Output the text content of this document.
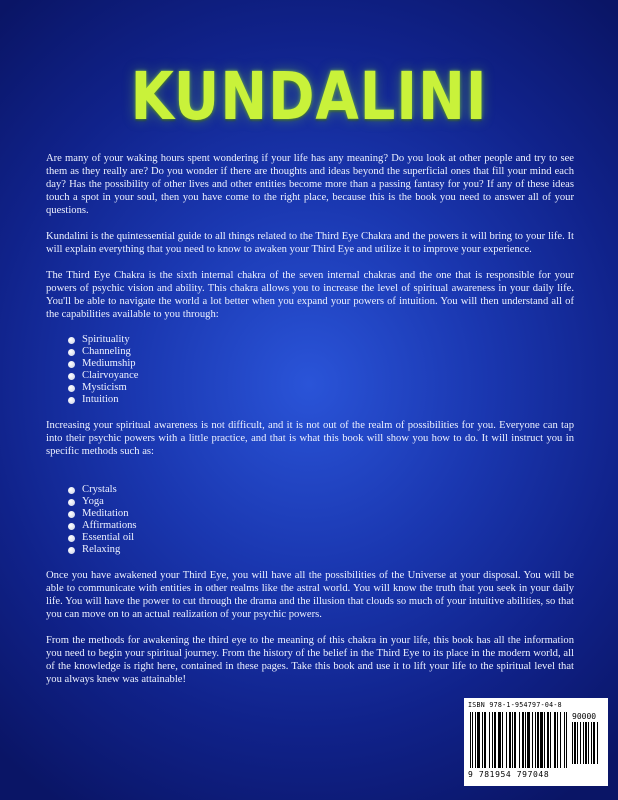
KUNDALINI

Are many of your waking hours spent wondering if your life has any meaning? Do you look at other people and try to see them as they really are? Do you wonder if there are thoughts and ideas beyond the superficial ones that fill your mind each day? Has the possibility of other lives and other entities become more than a passing fantasy for you? If any of these ideas touch a spot in your soul, then you have come to the right place, because this is the book you need to answer all of your questions.

Kundalini is the quintessential guide to all things related to the Third Eye Chakra and the powers it will bring to your life. It will explain everything that you need to know to awaken your Third Eye and utilize it to improve your experience.

The Third Eye Chakra is the sixth internal chakra of the seven internal chakras and the one that is responsible for your powers of psychic vision and ability. This chakra allows you to increase the level of spiritual awareness in your daily life. You'll be able to navigate the world a lot better when you expand your powers of intuition. You will then understand all of the capabilities available to you through:

Spirituality
Channeling
Mediumship
Clairvoyance
Mysticism
Intuition

Increasing your spiritual awareness is not difficult, and it is not out of the realm of possibilities for you. Everyone can tap into their psychic powers with a little practice, and that is what this book will show you how to do. It will instruct you in specific methods such as:

Crystals
Yoga
Meditation
Affirmations
Essential oil
Relaxing

Once you have awakened your Third Eye, you will have all the possibilities of the Universe at your disposal. You will be able to communicate with entities in other realms like the astral world. You will know the truth that you seek in your daily life. You will have the power to cut through the drama and the illusion that clouds so much of your intuitive abilities, so that you can move on to an actual realization of your psychic powers.

From the methods for awakening the third eye to the meaning of this chakra in your life, this book has all the information you need to begin your spiritual journey. From the history of the belief in the Third Eye to its place in the modern world, all of the knowledge is right here, contained in these pages. Take this book and use it to lift your life to the spiritual level that you always knew was attainable!

ISBN 978-1-954797-04-8
90000
9 781954 797048
